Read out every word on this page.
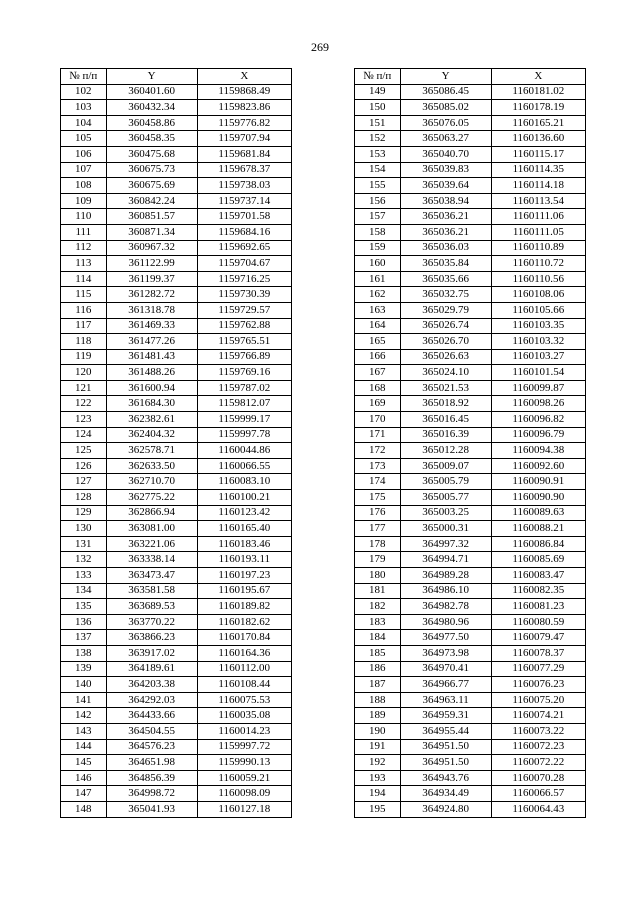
269
№ п/п	Y	X
102	360401.60	1159868.49
103	360432.34	1159823.86
104	360458.86	1159776.82
105	360458.35	1159707.94
106	360475.68	1159681.84
107	360675.73	1159678.37
108	360675.69	1159738.03
109	360842.24	1159737.14
110	360851.57	1159701.58
111	360871.34	1159684.16
112	360967.32	1159692.65
113	361122.99	1159704.67
114	361199.37	1159716.25
115	361282.72	1159730.39
116	361318.78	1159729.57
117	361469.33	1159762.88
118	361477.26	1159765.51
119	361481.43	1159766.89
120	361488.26	1159769.16
121	361600.94	1159787.02
122	361684.30	1159812.07
123	362382.61	1159999.17
124	362404.32	1159997.78
125	362578.71	1160044.86
126	362633.50	1160066.55
127	362710.70	1160083.10
128	362775.22	1160100.21
129	362866.94	1160123.42
130	363081.00	1160165.40
131	363221.06	1160183.46
132	363338.14	1160193.11
133	363473.47	1160197.23
134	363581.58	1160195.67
135	363689.53	1160189.82
136	363770.22	1160182.62
137	363866.23	1160170.84
138	363917.02	1160164.36
139	364189.61	1160112.00
140	364203.38	1160108.44
141	364292.03	1160075.53
142	364433.66	1160035.08
143	364504.55	1160014.23
144	364576.23	1159997.72
145	364651.98	1159990.13
146	364856.39	1160059.21
147	364998.72	1160098.09
148	365041.93	1160127.18
№ п/п	Y	X
149	365086.45	1160181.02
150	365085.02	1160178.19
151	365076.05	1160165.21
152	365063.27	1160136.60
153	365040.70	1160115.17
154	365039.83	1160114.35
155	365039.64	1160114.18
156	365038.94	1160113.54
157	365036.21	1160111.06
158	365036.21	1160111.05
159	365036.03	1160110.89
160	365035.84	1160110.72
161	365035.66	1160110.56
162	365032.75	1160108.06
163	365029.79	1160105.66
164	365026.74	1160103.35
165	365026.70	1160103.32
166	365026.63	1160103.27
167	365024.10	1160101.54
168	365021.53	1160099.87
169	365018.92	1160098.26
170	365016.45	1160096.82
171	365016.39	1160096.79
172	365012.28	1160094.38
173	365009.07	1160092.60
174	365005.79	1160090.91
175	365005.77	1160090.90
176	365003.25	1160089.63
177	365000.31	1160088.21
178	364997.32	1160086.84
179	364994.71	1160085.69
180	364989.28	1160083.47
181	364986.10	1160082.35
182	364982.78	1160081.23
183	364980.96	1160080.59
184	364977.50	1160079.47
185	364973.98	1160078.37
186	364970.41	1160077.29
187	364966.77	1160076.23
188	364963.11	1160075.20
189	364959.31	1160074.21
190	364955.44	1160073.22
191	364951.50	1160072.23
192	364951.50	1160072.22
193	364943.76	1160070.28
194	364934.49	1160066.57
195	364924.80	1160064.43
